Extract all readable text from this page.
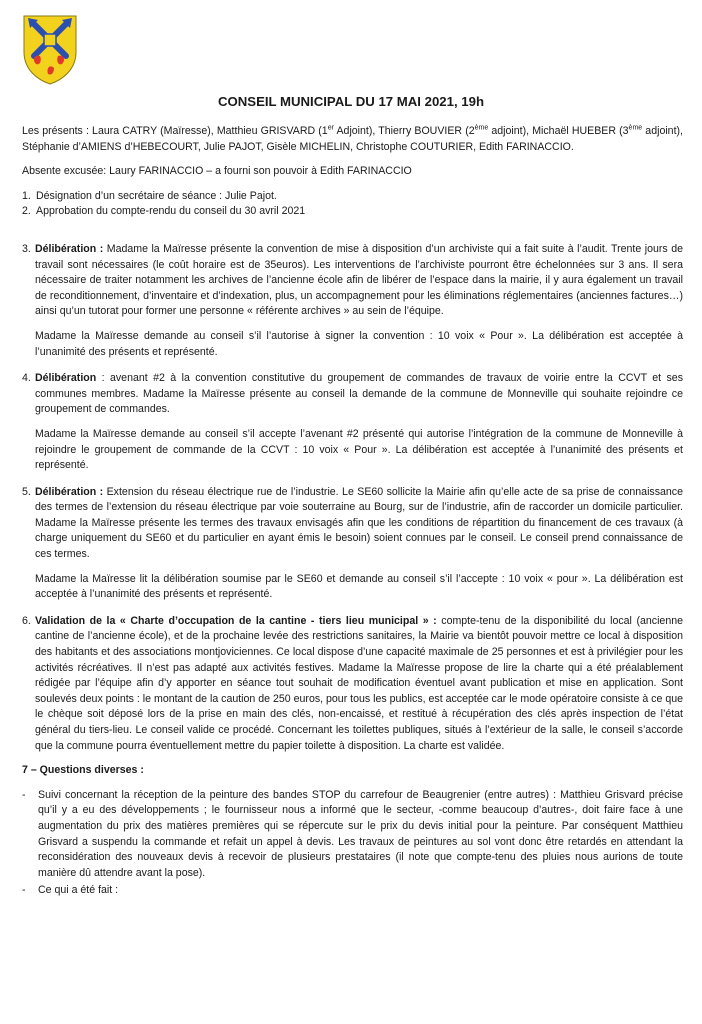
CONSEIL MUNICIPAL DU 17 MAI 2021, 19h

Les présents : Laura CATRY (Maïresse), Matthieu GRISVARD (1er Adjoint), Thierry BOUVIER (2ème adjoint), Michaël HUEBER (3ème adjoint), Stéphanie d’AMIENS d’HEBECOURT, Julie PAJOT, Gisèle MICHELIN, Christophe COUTURIER, Edith FARINACCIO.

Absente excusée: Laury FARINACCIO – a fourni son pouvoir à Edith FARINACCIO

1. Désignation d’un secrétaire de séance : Julie Pajot.
2. Approbation du compte-rendu du conseil du 30 avril 2021
3. Délibération : Madame la Maïresse présente la convention de mise à disposition d’un archiviste qui a fait suite à l’audit. Trente jours de travail sont nécessaires (le coût horaire est de 35euros). Les interventions de l’archiviste pourront être échelonnées sur 3 ans. Il sera nécessaire de traiter notamment les archives de l’ancienne école afin de libérer de l’espace dans la mairie, il y aura également un travail de reconditionnement, d’inventaire et d’indexation, plus, un accompagnement pour les éliminations réglementaires (anciennes factures…) ainsi qu’un tutorat pour former une personne « référente archives » au sein de l’équipe.

Madame la Maïresse demande au conseil s’il l’autorise à signer la convention : 10 voix « Pour ». La délibération est acceptée à l’unanimité des présents et représenté.

4. Délibération : avenant #2 à la convention constitutive du groupement de commandes de travaux de voirie entre la CCVT et ses communes membres. Madame la Maïresse présente au conseil la demande de la commune de Monneville qui souhaite rejoindre ce groupement de commandes.

Madame la Maïresse demande au conseil s’il accepte l’avenant #2 présenté qui autorise l’intégration de la commune de Monneville à rejoindre le groupement de commande de la CCVT : 10 voix « Pour ». La délibération est acceptée à l’unanimité des présents et représenté.

5. Délibération : Extension du réseau électrique rue de l’industrie. Le SE60 sollicite la Mairie afin qu’elle acte de sa prise de connaissance des termes de l’extension du réseau électrique par voie souterraine au Bourg, sur de l’industrie, afin de raccorder un domicile particulier. Madame la Maïresse présente les termes des travaux envisagés afin que les conditions de répartition du financement de ces travaux (à charge uniquement du SE60 et du particulier en ayant émis le besoin) soient connues par le conseil. Le conseil prend connaissance de ces termes.

Madame la Maïresse lit la délibération soumise par le SE60 et demande au conseil s’il l’accepte : 10 voix « pour ». La délibération est acceptée à l’unanimité des présents et représenté.

6. Validation de la « Charte d’occupation de la cantine - tiers lieu municipal » : compte-tenu de la disponibilité du local (ancienne cantine de l’ancienne école), et de la prochaine levée des restrictions sanitaires, la Mairie va bientôt pouvoir mettre ce local à disposition des habitants et des associations montjoviciennes. Ce local dispose d’une capacité maximale de 25 personnes et est à privilégier pour les activités récréatives. Il n’est pas adapté aux activités festives. Madame la Maïresse propose de lire la charte qui a été préalablement rédigée par l’équipe afin d’y apporter en séance tout souhait de modification éventuel avant publication et mise en application. Sont soulevés deux points : le montant de la caution de 250 euros, pour tous les publics, est acceptée car le mode opératoire consiste à ce que le chèque soit déposé lors de la prise en main des clés, non-encaissé, et restitué à récupération des clés après inspection de l’état général du tiers-lieu. Le conseil valide ce procédé. Concernant les toilettes publiques, situés à l’extérieur de la salle, le conseil s’accorde que la commune pourra éventuellement mettre du papier toilette à disposition. La charte est validée.

7 – Questions diverses :
-	Suivi concernant la réception de la peinture des bandes STOP du carrefour de Beaugrenier (entre autres) : Matthieu Grisvard précise qu’il y a eu des développements ; le fournisseur nous a informé que le secteur, -comme beaucoup d’autres-, doit faire face à une augmentation du prix des matières premières qui se répercute sur le prix du devis initial pour la peinture. Par conséquent Matthieu Grisvard a suspendu la commande et refait un appel à devis. Les travaux de peintures au sol vont donc être retardés en attendant la reconsidération des nouveaux devis à recevoir de plusieurs prestataires (il note que compte-tenu des pluies nous aurions de toute manière dû attendre avant la pose).

-	Ce qui a été fait :
